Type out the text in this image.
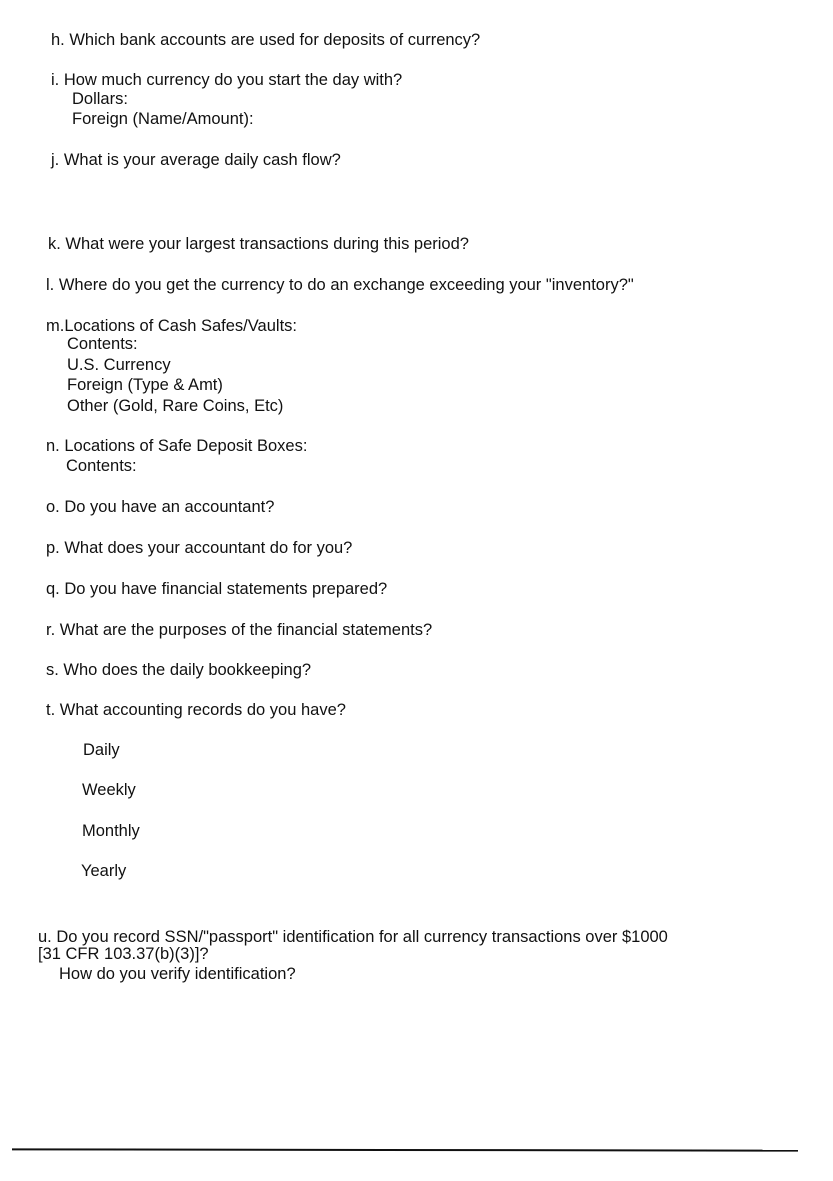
h. Which bank accounts are used for deposits of currency?
i. How much currency do you start the day with?
Dollars:
Foreign (Name/Amount):
j. What is your average daily cash flow?
k. What were your largest transactions during this period?
l. Where do you get the currency to do an exchange exceeding your "inventory?"
m.Locations of Cash Safes/Vaults:
Contents:
U.S. Currency
Foreign (Type & Amt)
Other (Gold, Rare Coins, Etc)
n. Locations of Safe Deposit Boxes:
Contents:
o. Do you have an accountant?
p. What does your accountant do for you?
q. Do you have financial statements prepared?
r. What are the purposes of the financial statements?
s. Who does the daily bookkeeping?
t. What accounting records do you have?
Daily
Weekly
Monthly
Yearly
u. Do you record SSN/"passport" identification for all currency transactions over $1000
[31 CFR 103.37(b)(3)]?
How do you verify identification?
